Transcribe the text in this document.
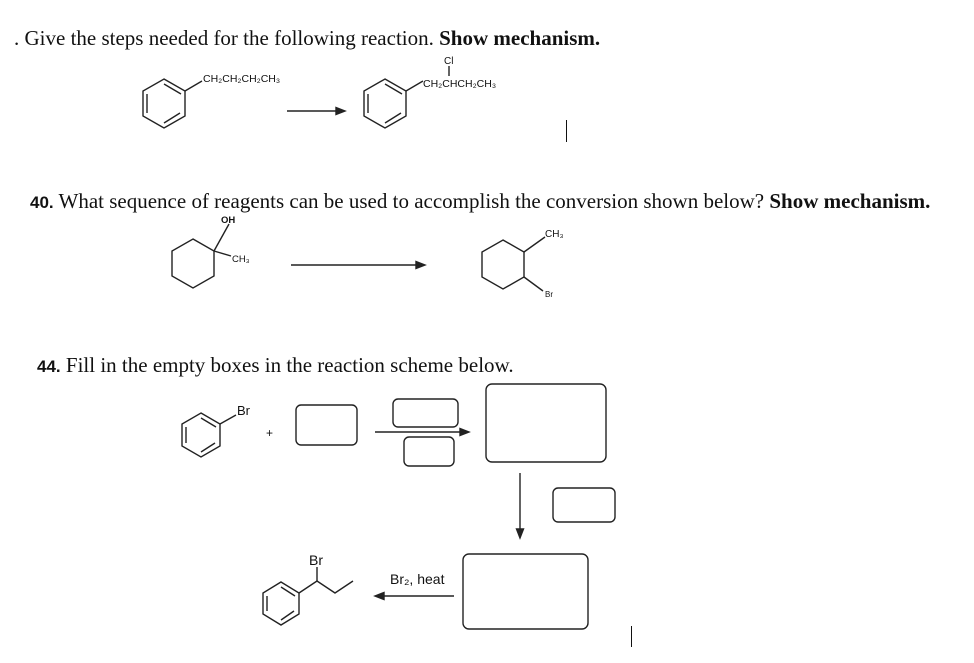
. Give the steps needed for the following reaction. Show mechanism.
40. What sequence of reagents can be used to accomplish the conversion shown below? Show mechanism.
44. Fill in the empty boxes in the reaction scheme below.
CH₂CH₂CH₂CH₃
Cl
CH₂CHCH₂CH₃
OH
CH₃
CH₃
Br
Br
+
Br
Br₂, heat
